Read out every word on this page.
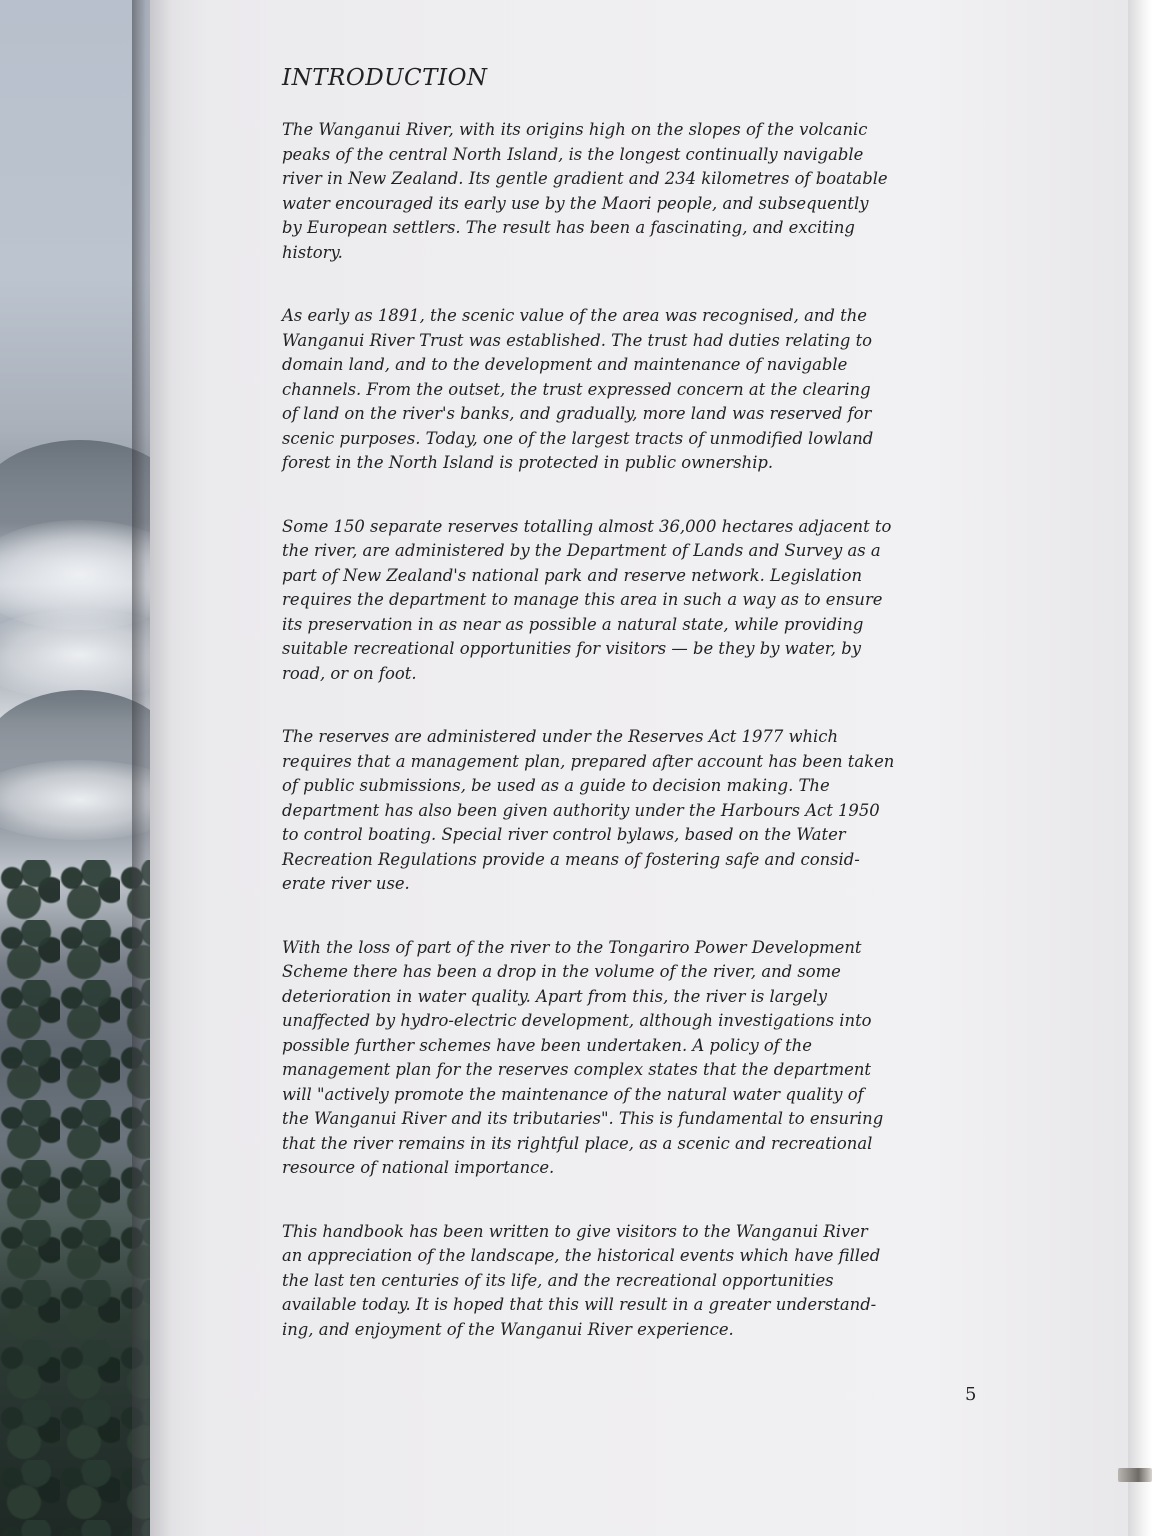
INTRODUCTION

The Wanganui River, with its origins high on the slopes of the volcanic
peaks of the central North Island, is the longest continually navigable
river in New Zealand. Its gentle gradient and 234 kilometres of boatable
water encouraged its early use by the Maori people, and subsequently
by European settlers. The result has been a fascinating, and exciting
history.

As early as 1891, the scenic value of the area was recognised, and the
Wanganui River Trust was established. The trust had duties relating to
domain land, and to the development and maintenance of navigable
channels. From the outset, the trust expressed concern at the clearing
of land on the river's banks, and gradually, more land was reserved for
scenic purposes. Today, one of the largest tracts of unmodified lowland
forest in the North Island is protected in public ownership.

Some 150 separate reserves totalling almost 36,000 hectares adjacent to
the river, are administered by the Department of Lands and Survey as a
part of New Zealand's national park and reserve network. Legislation
requires the department to manage this area in such a way as to ensure
its preservation in as near as possible a natural state, while providing
suitable recreational opportunities for visitors — be they by water, by
road, or on foot.

The reserves are administered under the Reserves Act 1977 which
requires that a management plan, prepared after account has been taken
of public submissions, be used as a guide to decision making. The
department has also been given authority under the Harbours Act 1950
to control boating. Special river control bylaws, based on the Water
Recreation Regulations provide a means of fostering safe and consid-
erate river use.

With the loss of part of the river to the Tongariro Power Development
Scheme there has been a drop in the volume of the river, and some
deterioration in water quality. Apart from this, the river is largely
unaffected by hydro-electric development, although investigations into
possible further schemes have been undertaken. A policy of the
management plan for the reserves complex states that the department
will "actively promote the maintenance of the natural water quality of
the Wanganui River and its tributaries". This is fundamental to ensuring
that the river remains in its rightful place, as a scenic and recreational
resource of national importance.

This handbook has been written to give visitors to the Wanganui River
an appreciation of the landscape, the historical events which have filled
the last ten centuries of its life, and the recreational opportunities
available today. It is hoped that this will result in a greater understand-
ing, and enjoyment of the Wanganui River experience.

5
